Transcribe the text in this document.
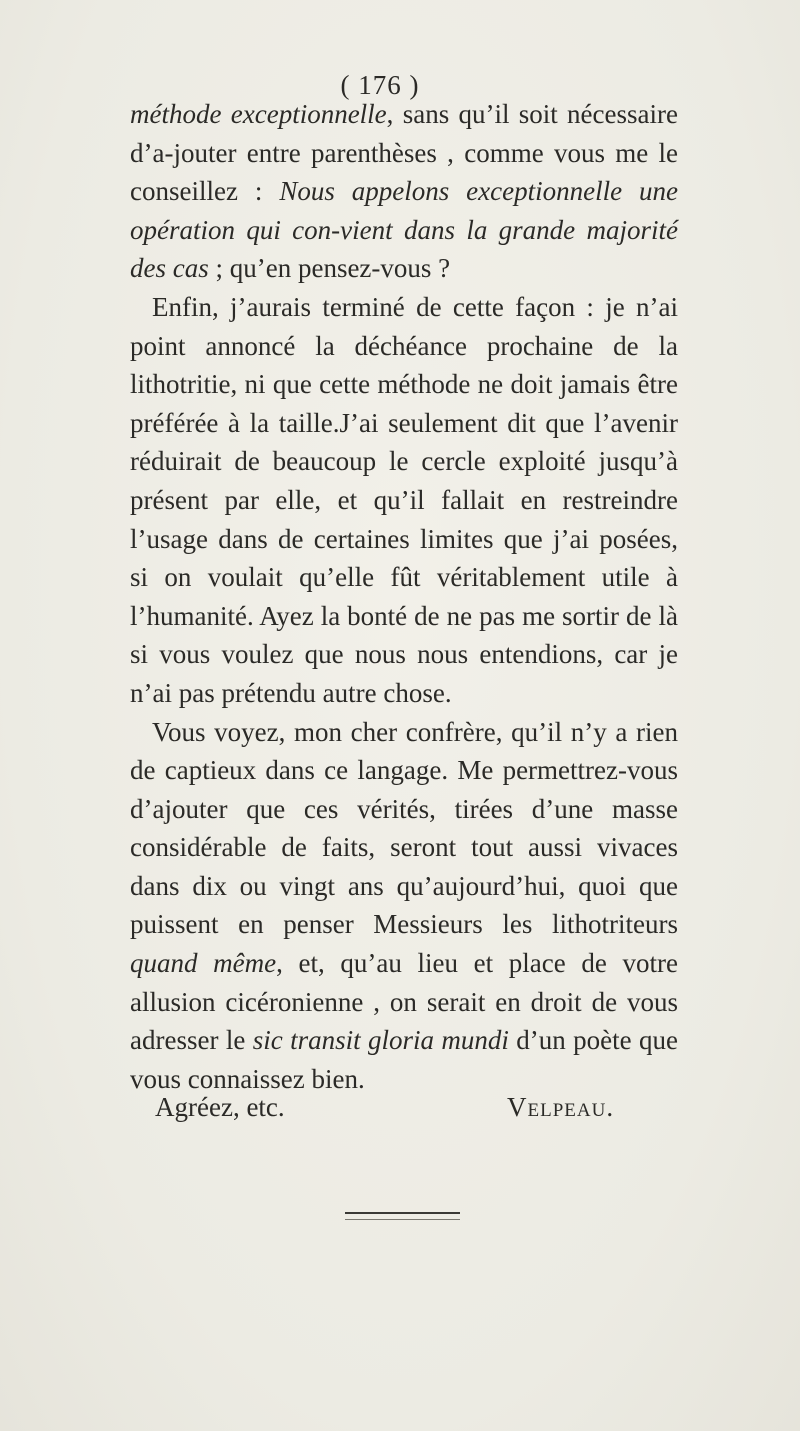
( 176 )

méthode exceptionnelle, sans qu’il soit nécessaire d’a-jouter entre parenthèses , comme vous me le conseillez : Nous appelons exceptionnelle une opération qui con-vient dans la grande majorité des cas ; qu’en pensez-vous ?

Enfin, j’aurais terminé de cette façon : je n’ai point annoncé la déchéance prochaine de la lithotritie, ni que cette méthode ne doit jamais être préférée à la taille.J’ai seulement dit que l’avenir réduirait de beaucoup le cercle exploité jusqu’à présent par elle, et qu’il fallait en restreindre l’usage dans de certaines limites que j’ai posées, si on voulait qu’elle fût véritablement utile à l’humanité. Ayez la bonté de ne pas me sortir de là si vous voulez que nous nous entendions, car je n’ai pas prétendu autre chose.

Vous voyez, mon cher confrère, qu’il n’y a rien de captieux dans ce langage. Me permettrez-vous d’ajouter que ces vérités, tirées d’une masse considérable de faits, seront tout aussi vivaces dans dix ou vingt ans qu’aujourd’hui, quoi que puissent en penser Messieurs les lithotriteurs quand même, et, qu’au lieu et place de votre allusion cicéronienne , on serait en droit de vous adresser le sic transit gloria mundi d’un poète que vous connaissez bien.

Agréez, etc.	Velpeau.
